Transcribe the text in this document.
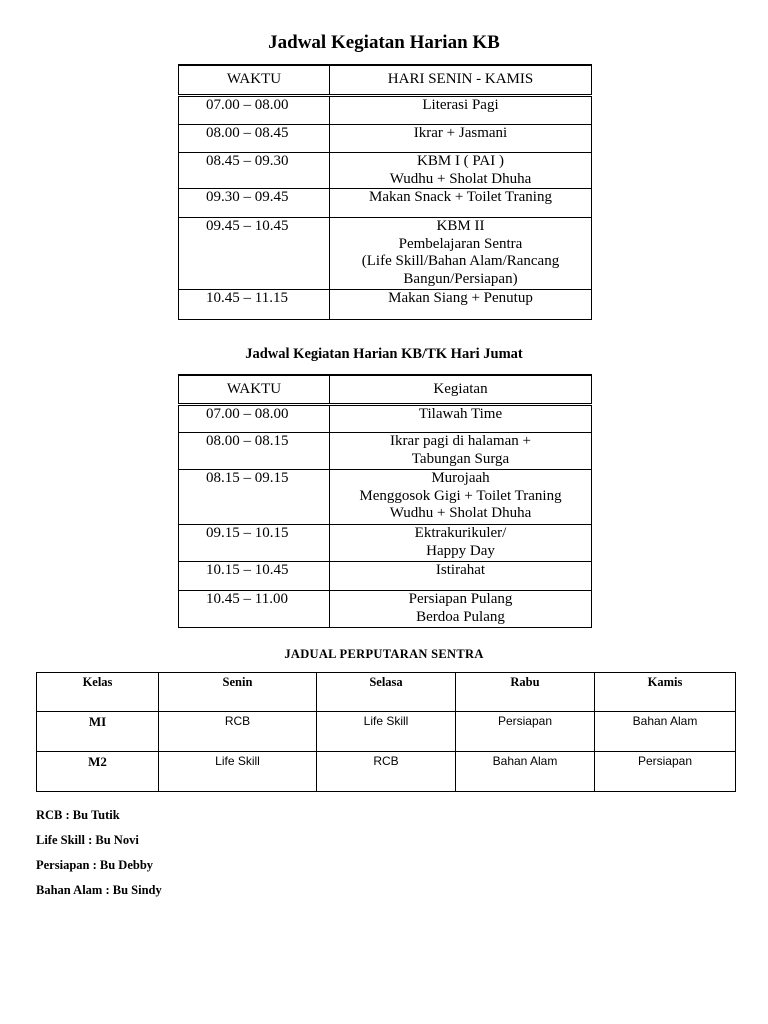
Jadwal Kegiatan Harian KB
WAKTU	HARI SENIN - KAMIS
07.00 – 08.00	Literasi Pagi

08.00 – 08.45	Ikrar + Jasmani

08.45 – 09.30	KBM I ( PAI )
Wudhu + Sholat Dhuha

09.30 – 09.45	Makan Snack + Toilet Traning

09.45 – 10.45	KBM II
Pembelajaran Sentra
(Life Skill/Bahan Alam/Rancang
Bangun/Persiapan)

10.45 – 11.15	Makan Siang + Penutup
Jadwal Kegiatan Harian KB/TK Hari Jumat
WAKTU	Kegiatan
07.00 – 08.00	Tilawah Time

08.00 – 08.15	Ikrar pagi di halaman +
Tabungan Surga

08.15 – 09.15	Murojaah
Menggosok Gigi + Toilet Traning
Wudhu + Sholat Dhuha

09.15 – 10.15	Ektrakurikuler/
Happy Day

10.15 – 10.45	Istirahat

10.45 – 11.00	Persiapan Pulang
Berdoa Pulang
JADUAL PERPUTARAN SENTRA
Kelas	Senin	Selasa	Rabu	Kamis
MI	RCB	Life Skill	Persiapan	Bahan Alam
M2	Life Skill	RCB	Bahan Alam	Persiapan
RCB : Bu Tutik
Life Skill : Bu Novi
Persiapan : Bu Debby
Bahan Alam : Bu Sindy
